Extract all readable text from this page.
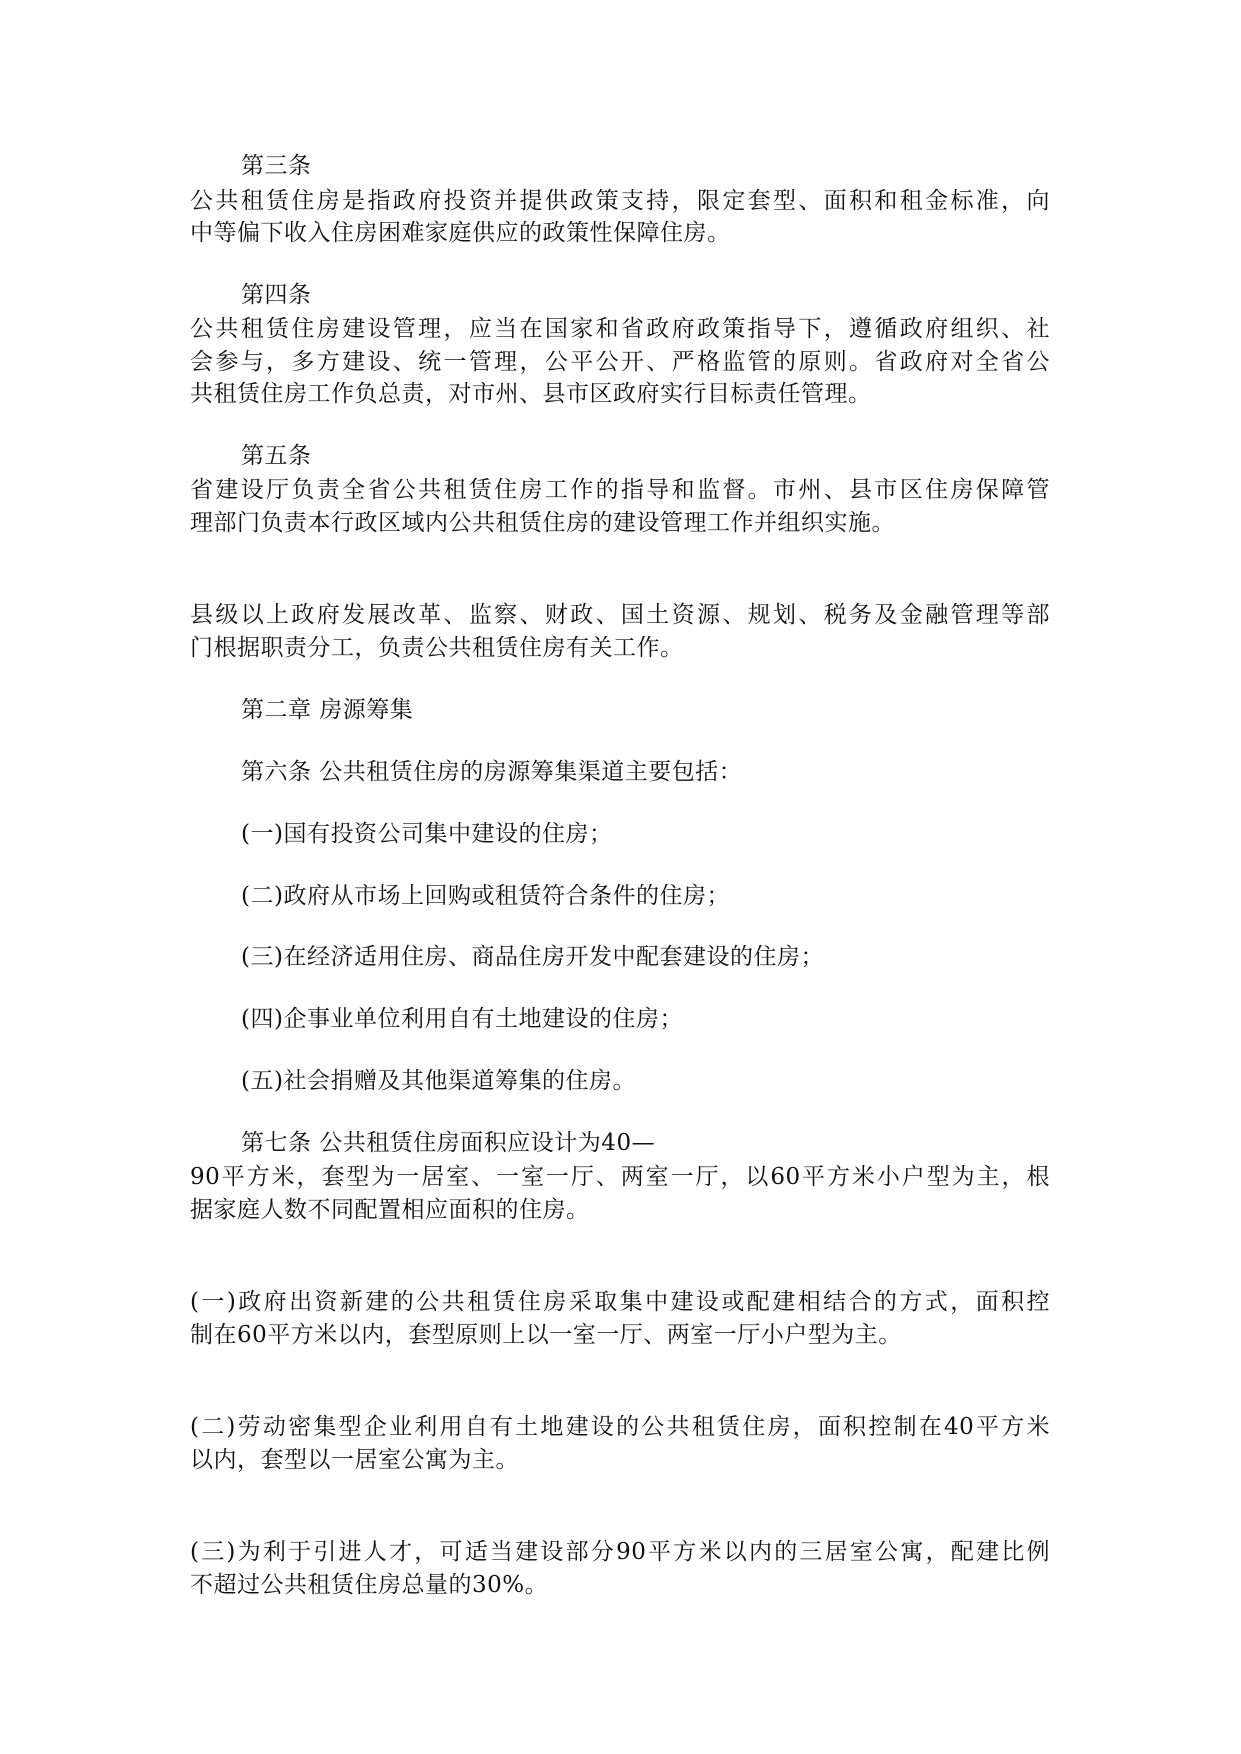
第三条
公共租赁住房是指政府投资并提供政策支持，限定套型、面积和租金标准，向
中等偏下收入住房困难家庭供应的政策性保障住房。
第四条
公共租赁住房建设管理，应当在国家和省政府政策指导下，遵循政府组织、社
会参与，多方建设、统一管理，公平公开、严格监管的原则。省政府对全省公
共租赁住房工作负总责，对市州、县市区政府实行目标责任管理。
第五条
省建设厅负责全省公共租赁住房工作的指导和监督。市州、县市区住房保障管
理部门负责本行政区域内公共租赁住房的建设管理工作并组织实施。
县级以上政府发展改革、监察、财政、国土资源、规划、税务及金融管理等部
门根据职责分工，负责公共租赁住房有关工作。
第二章 房源筹集
第六条 公共租赁住房的房源筹集渠道主要包括：
(一)国有投资公司集中建设的住房；
(二)政府从市场上回购或租赁符合条件的住房；
(三)在经济适用住房、商品住房开发中配套建设的住房；
(四)企事业单位利用自有土地建设的住房；
(五)社会捐赠及其他渠道筹集的住房。
第七条 公共租赁住房面积应设计为40—
90平方米，套型为一居室、一室一厅、两室一厅，以60平方米小户型为主，根
据家庭人数不同配置相应面积的住房。
(一)政府出资新建的公共租赁住房采取集中建设或配建相结合的方式，面积控
制在60平方米以内，套型原则上以一室一厅、两室一厅小户型为主。
(二)劳动密集型企业利用自有土地建设的公共租赁住房，面积控制在40平方米
以内，套型以一居室公寓为主。
(三)为利于引进人才，可适当建设部分90平方米以内的三居室公寓，配建比例
不超过公共租赁住房总量的30%。
